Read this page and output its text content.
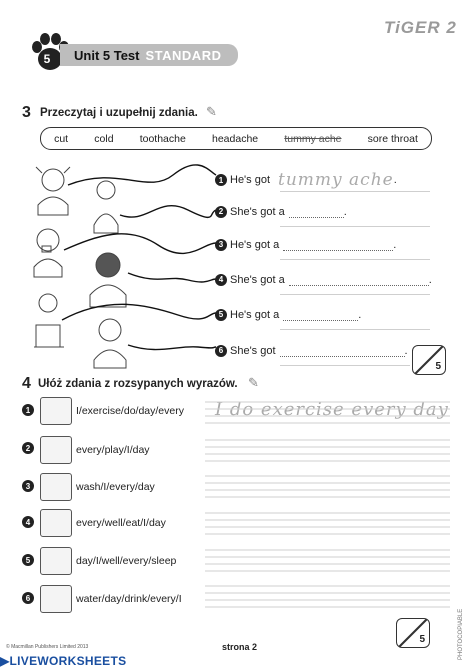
5	Unit 5 Test STANDARD
TiGER 2
3 Przeczytaj i uzupełnij zdania. ✎
cut cold toothache headache tummy ache sore throat
1 He's got tummy ache .
2 She's got a	.
3 He's got a	.
4 She's got a	.
5 He's got a	.
6 She's got	.
5
4 Ułóż zdania z rozsypanych wyrazów. ✎
1	I/exercise/do/day/every I do exercise every day
2	every/play/I/day
3	wash/I/every/day
4	every/well/eat/I/day
5	day/I/well/every/sleep
6	water/day/drink/every/I
5
© Macmillan Publishers Limited 2013	strona 2
▶LIVEWORKSHEETS
PHOTOCOPIABLE
